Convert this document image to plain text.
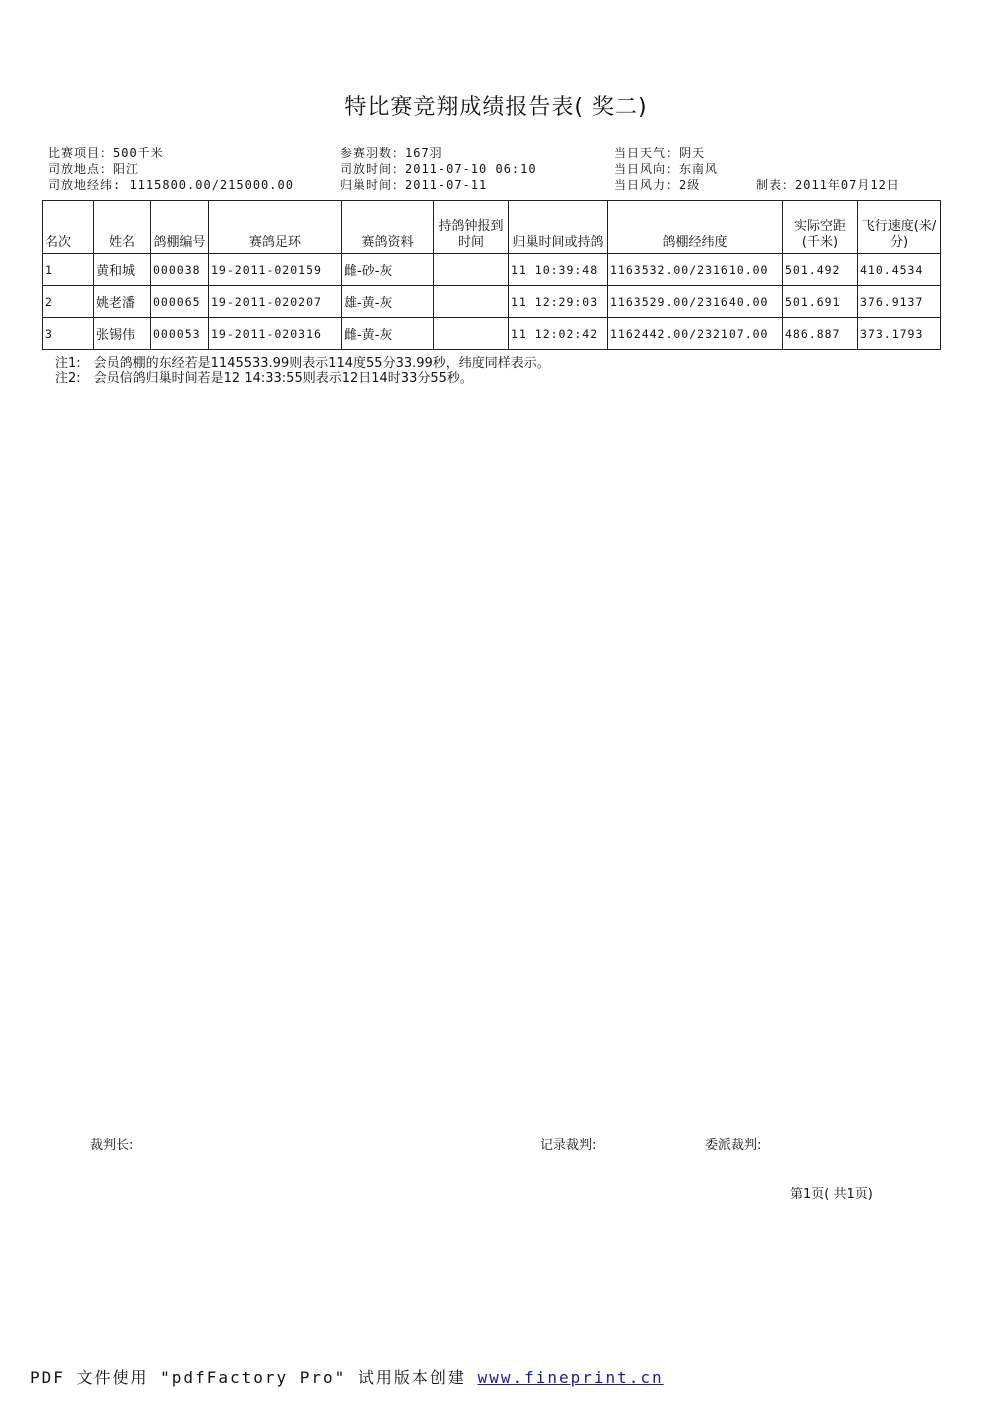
特比赛竞翔成绩报告表( 奖二)
比赛项目：500千米
司放地点：阳江
司放地经纬: 1115800.00/215000.00
参赛羽数：167羽
司放时间：2011-07-10 06:10
归巢时间：2011-07-11
当日天气：阴天
当日风向：东南风
当日风力：2级	制表：2011年07月12日
名次	姓名	鸽棚编号	赛鸽足环	赛鸽资料	持鸽钟报到时间	归巢时间或持鸽	鸽棚经纬度	实际空距(千米)	飞行速度(米/分)
1	黄和城	000038	19-2011-020159	雌-砂-灰		11 10:39:48	1163532.00/231610.00	501.492	410.4534
2	姚老潘	000065	19-2011-020207	雄-黄-灰		11 12:29:03	1163529.00/231640.00	501.691	376.9137
3	张锡伟	000053	19-2011-020316	雌-黄-灰		11 12:02:42	1162442.00/232107.00	486.887	373.1793
注1:　会员鸽棚的东经若是1145533.99则表示114度55分33.99秒，纬度同样表示。
注2:　会员信鸽归巢时间若是12 14:33:55则表示12日14时33分55秒。
裁判长:	记录裁判:	委派裁判:
第1页( 共1页)
PDF 文件使用 "pdfFactory Pro" 试用版本创建 www.fineprint.cn
